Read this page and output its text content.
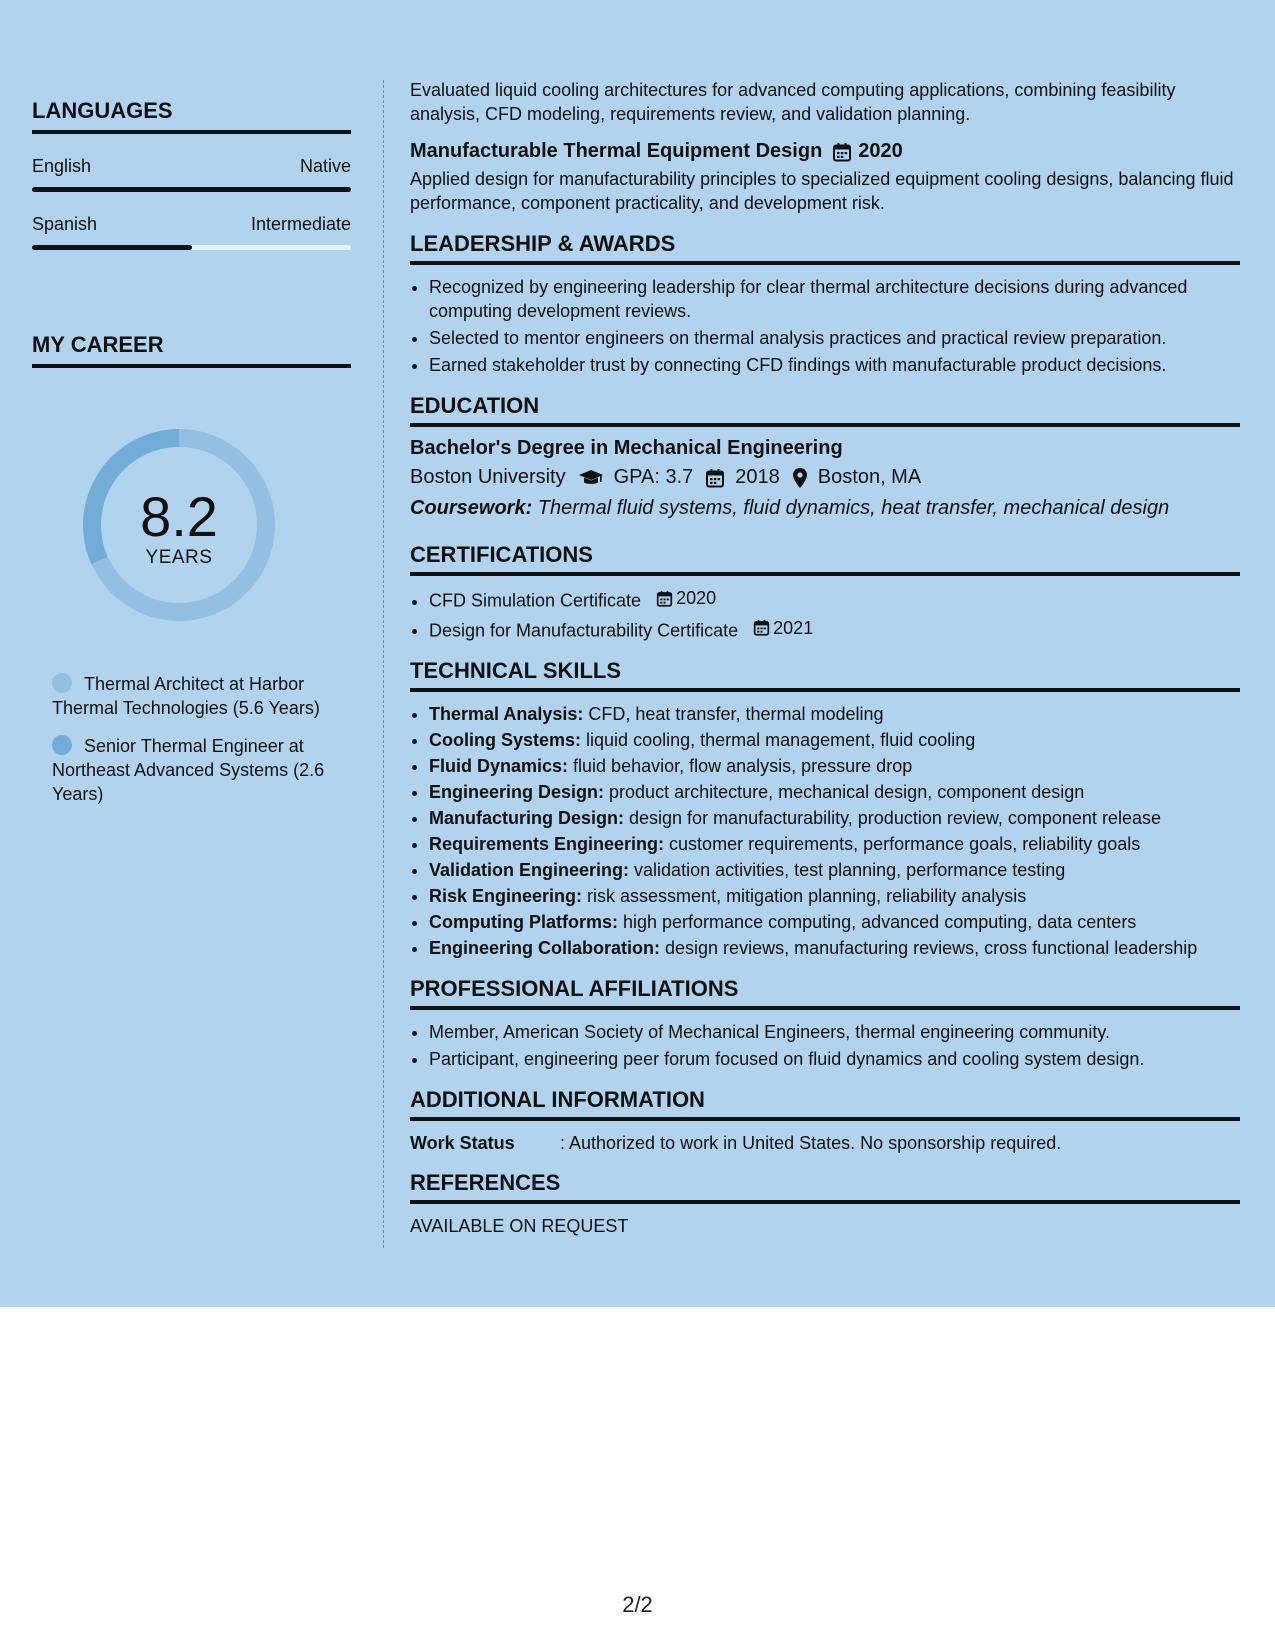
LANGUAGES
English	Native
Spanish	Intermediate
MY CAREER
8.2
YEARS
Thermal Architect at Harbor Thermal Technologies (5.6 Years)
Senior Thermal Engineer at Northeast Advanced Systems (2.6 Years)

Evaluated liquid cooling architectures for advanced computing applications, combining feasibility analysis, CFD modeling, requirements review, and validation planning.

Manufacturable Thermal Equipment Design 2020

Applied design for manufacturability principles to specialized equipment cooling designs, balancing fluid performance, component practicality, and development risk.

LEADERSHIP & AWARDS
• Recognized by engineering leadership for clear thermal architecture decisions during advanced computing development reviews.
• Selected to mentor engineers on thermal analysis practices and practical review preparation.
• Earned stakeholder trust by connecting CFD findings with manufacturable product decisions.
EDUCATION
Bachelor's Degree in Mechanical Engineering
Boston University GPA: 3.7 2018 Boston, MA
Coursework: Thermal fluid systems, fluid dynamics, heat transfer, mechanical design
CERTIFICATIONS
• CFD Simulation Certificate 2020
• Design for Manufacturability Certificate 2021
TECHNICAL SKILLS
• Thermal Analysis: CFD, heat transfer, thermal modeling
• Cooling Systems: liquid cooling, thermal management, fluid cooling
• Fluid Dynamics: fluid behavior, flow analysis, pressure drop
• Engineering Design: product architecture, mechanical design, component design
• Manufacturing Design: design for manufacturability, production review, component release
• Requirements Engineering: customer requirements, performance goals, reliability goals
• Validation Engineering: validation activities, test planning, performance testing
• Risk Engineering: risk assessment, mitigation planning, reliability analysis
• Computing Platforms: high performance computing, advanced computing, data centers
• Engineering Collaboration: design reviews, manufacturing reviews, cross functional leadership
PROFESSIONAL AFFILIATIONS
• Member, American Society of Mechanical Engineers, thermal engineering community.
• Participant, engineering peer forum focused on fluid dynamics and cooling system design.
ADDITIONAL INFORMATION
Work Status	: Authorized to work in United States. No sponsorship required.
REFERENCES
AVAILABLE ON REQUEST
2/2
